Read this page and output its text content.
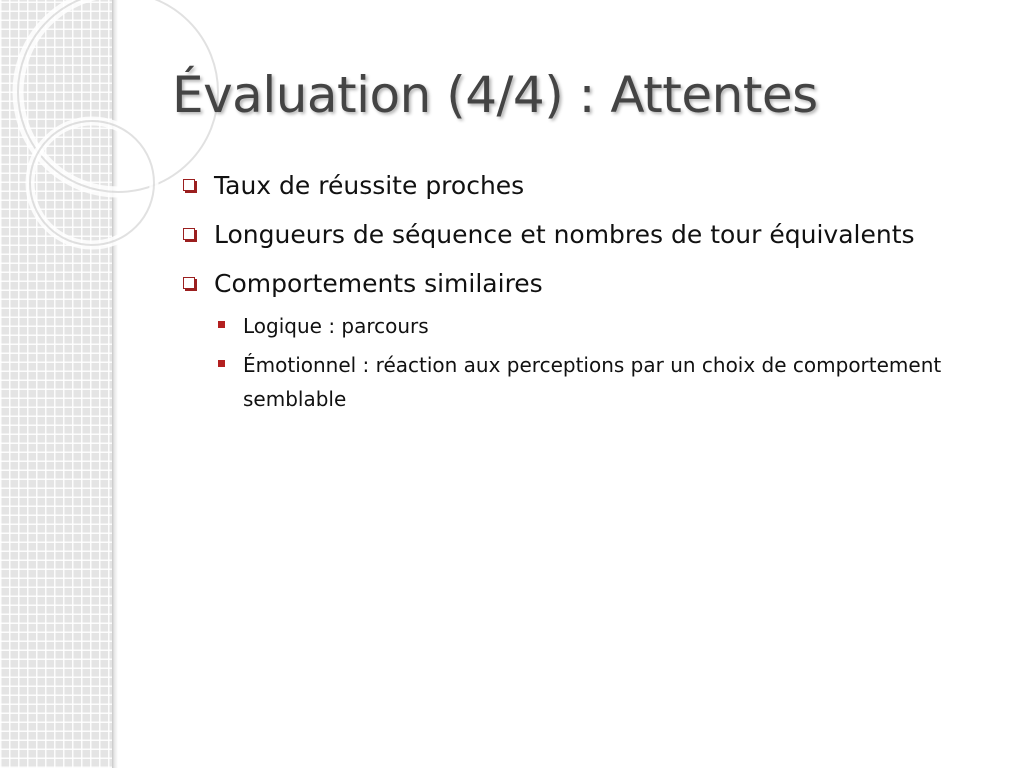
Évaluation (4/4) : Attentes
Taux de réussite proches
Longueurs de séquence et nombres de tour équivalents
Comportements similaires
Logique : parcours
Émotionnel : réaction aux perceptions par un choix de comportement semblable
